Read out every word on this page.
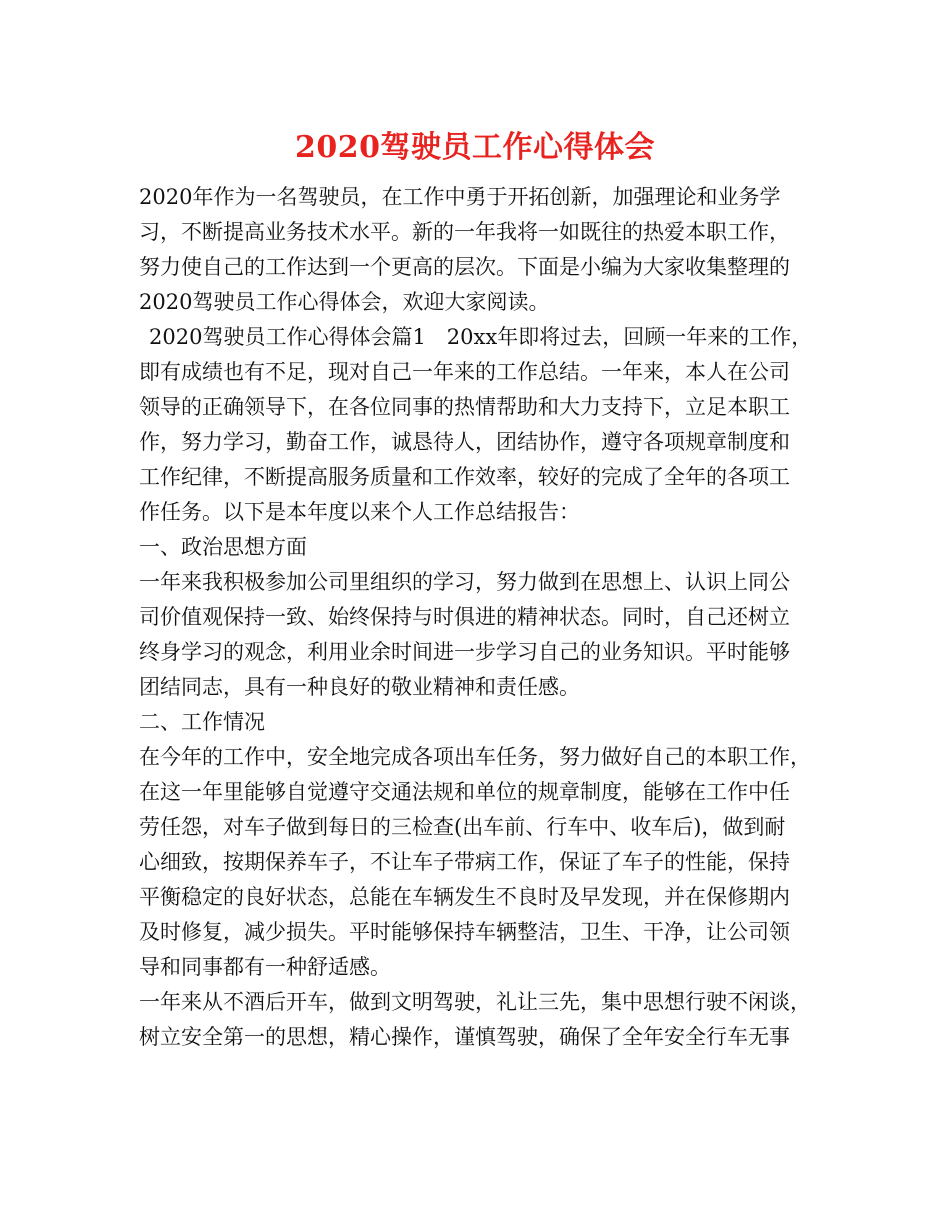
2020驾驶员工作心得体会
2020年作为一名驾驶员，在工作中勇于开拓创新，加强理论和业务学
习，不断提高业务技术水平。新的一年我将一如既往的热爱本职工作，
努力使自己的工作达到一个更高的层次。下面是小编为大家收集整理的
2020驾驶员工作心得体会，欢迎大家阅读。
2020驾驶员工作心得体会篇1　20xx年即将过去，回顾一年来的工作，
即有成绩也有不足，现对自己一年来的工作总结。一年来，本人在公司
领导的正确领导下，在各位同事的热情帮助和大力支持下，立足本职工
作，努力学习，勤奋工作，诚恳待人，团结协作，遵守各项规章制度和
工作纪律，不断提高服务质量和工作效率，较好的完成了全年的各项工
作任务。以下是本年度以来个人工作总结报告：
一、政治思想方面
一年来我积极参加公司里组织的学习，努力做到在思想上、认识上同公
司价值观保持一致、始终保持与时俱进的精神状态。同时，自己还树立
终身学习的观念，利用业余时间进一步学习自己的业务知识。平时能够
团结同志，具有一种良好的敬业精神和责任感。
二、工作情况
在今年的工作中，安全地完成各项出车任务，努力做好自己的本职工作，
在这一年里能够自觉遵守交通法规和单位的规章制度，能够在工作中任
劳任怨，对车子做到每日的三检查(出车前、行车中、收车后)，做到耐
心细致，按期保养车子，不让车子带病工作，保证了车子的性能，保持
平衡稳定的良好状态，总能在车辆发生不良时及早发现，并在保修期内
及时修复，减少损失。平时能够保持车辆整洁，卫生、干净，让公司领
导和同事都有一种舒适感。
一年来从不酒后开车，做到文明驾驶，礼让三先，集中思想行驶不闲谈，
树立安全第一的思想，精心操作，谨慎驾驶，确保了全年安全行车无事
